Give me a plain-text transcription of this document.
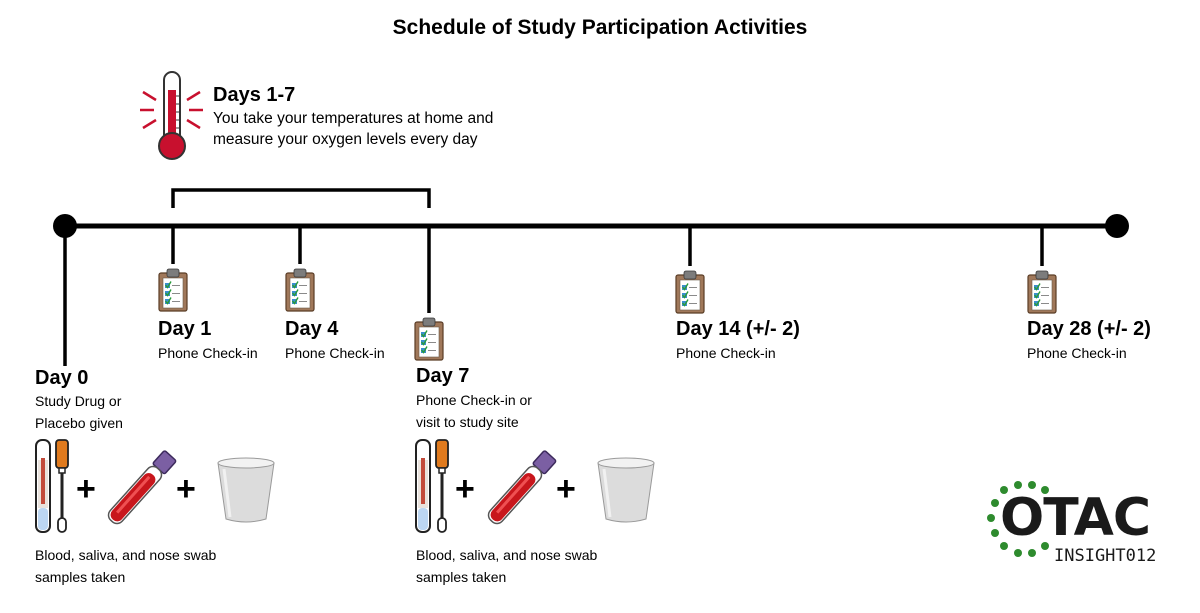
Schedule of Study Participation Activities
Days 1-7
You take your temperatures at home and
measure your oxygen levels every day
Day 0
Study Drug or
Placebo given
Day 1
Phone Check-in
Day 4
Phone Check-in
Day 7
Phone Check-in or
visit to study site
Day 14 (+/- 2)
Phone Check-in
Day 28 (+/- 2)
Phone Check-in
+ +	+ +
Blood, saliva, and nose swab
samples taken
Blood, saliva, and nose swab
samples taken
OTAC
INSIGHT012
